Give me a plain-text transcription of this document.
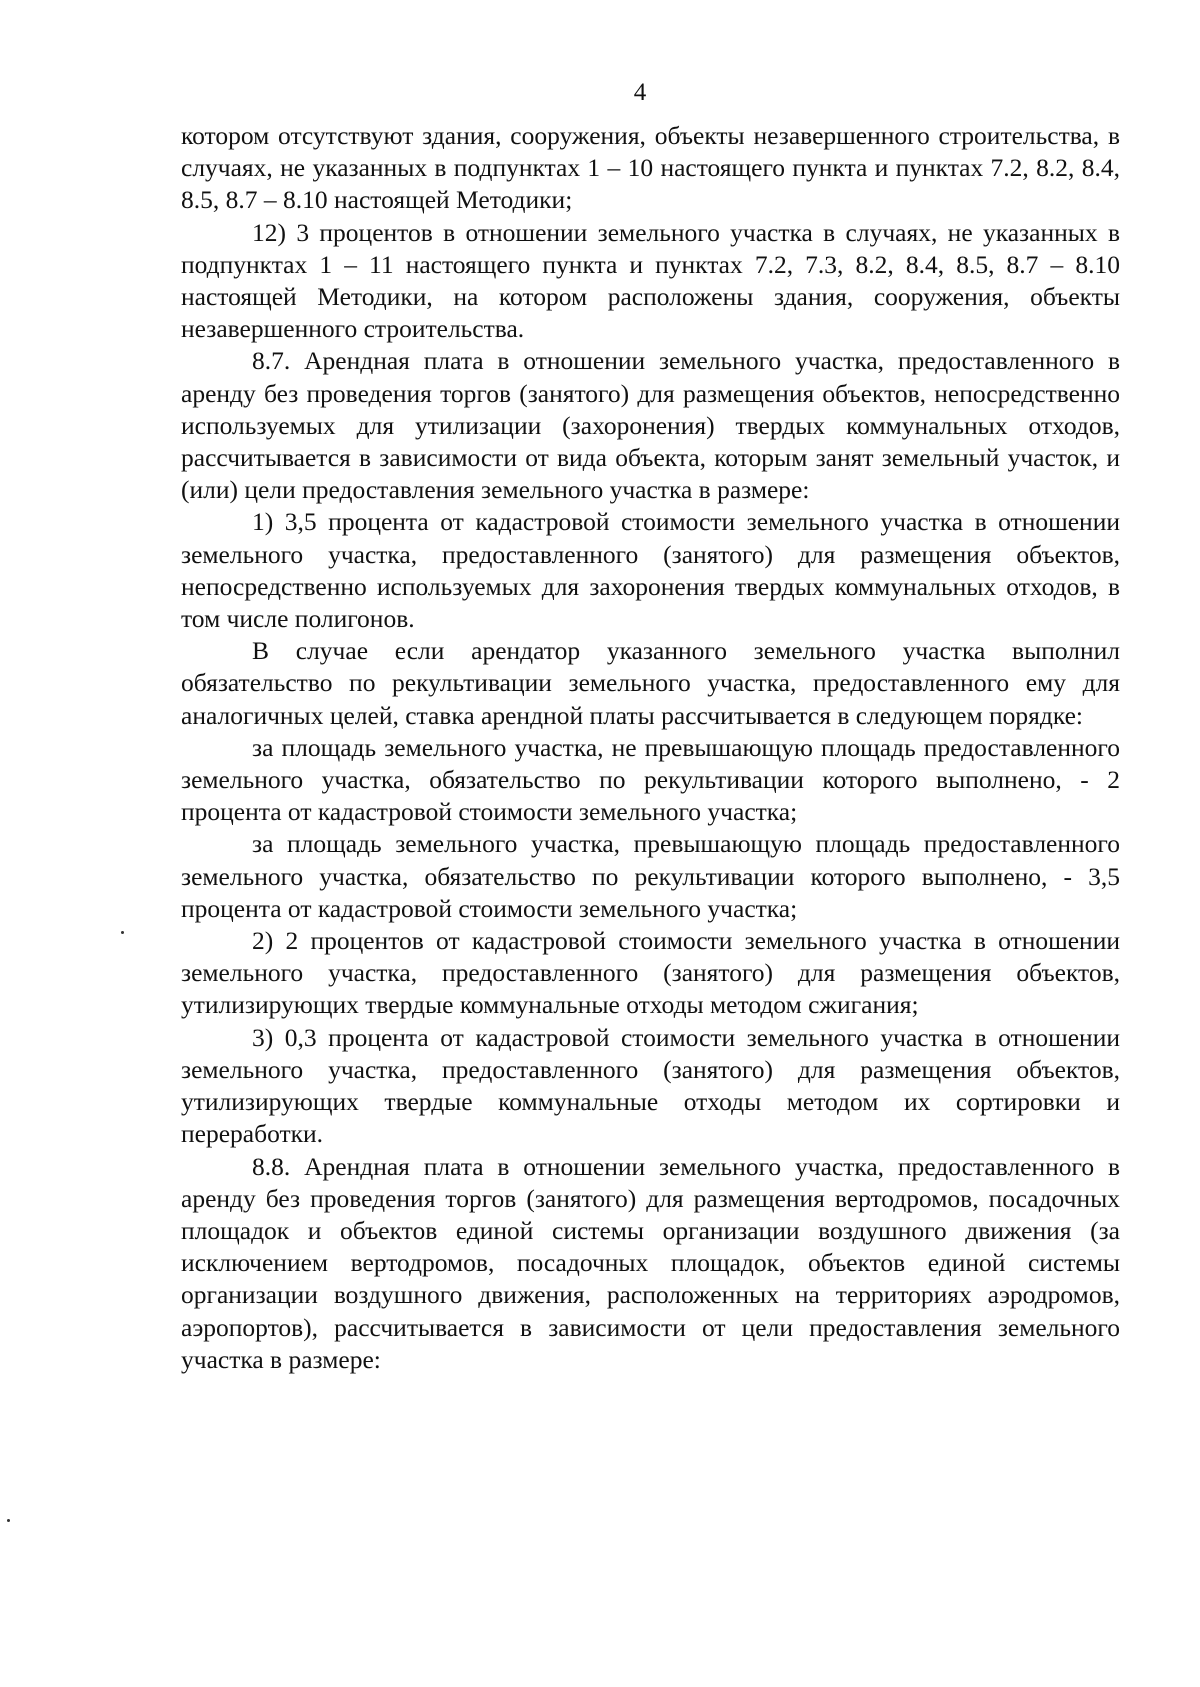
4

котором отсутствуют здания, сооружения, объекты незавершенного строительства, в случаях, не указанных в подпунктах 1 – 10 настоящего пункта и пунктах 7.2, 8.2, 8.4, 8.5, 8.7 – 8.10 настоящей Методики;

12) 3 процентов в отношении земельного участка в случаях, не указанных в подпунктах 1 – 11 настоящего пункта и пунктах 7.2, 7.3, 8.2, 8.4, 8.5, 8.7 – 8.10 настоящей Методики, на котором расположены здания, сооружения, объекты незавершенного строительства.

8.7. Арендная плата в отношении земельного участка, предоставленного в аренду без проведения торгов (занятого) для размещения объектов, непосредственно используемых для утилизации (захоронения) твердых коммунальных отходов, рассчитывается в зависимости от вида объекта, которым занят земельный участок, и (или) цели предоставления земельного участка в размере:

1) 3,5 процента от кадастровой стоимости земельного участка в отношении земельного участка, предоставленного (занятого) для размещения объектов, непосредственно используемых для захоронения твердых коммунальных отходов, в том числе полигонов.

В случае если арендатор указанного земельного участка выполнил обязательство по рекультивации земельного участка, предоставленного ему для аналогичных целей, ставка арендной платы рассчитывается в следующем порядке:

за площадь земельного участка, не превышающую площадь предоставленного земельного участка, обязательство по рекультивации которого выполнено, - 2 процента от кадастровой стоимости земельного участка;

за площадь земельного участка, превышающую площадь предоставленного земельного участка, обязательство по рекультивации которого выполнено, - 3,5 процента от кадастровой стоимости земельного участка;

2) 2 процентов от кадастровой стоимости земельного участка в отношении земельного участка, предоставленного (занятого) для размещения объектов, утилизирующих твердые коммунальные отходы методом сжигания;

3) 0,3 процента от кадастровой стоимости земельного участка в отношении земельного участка, предоставленного (занятого) для размещения объектов, утилизирующих твердые коммунальные отходы методом их сортировки и переработки.

8.8. Арендная плата в отношении земельного участка, предоставленного в аренду без проведения торгов (занятого) для размещения вертодромов, посадочных площадок и объектов единой системы организации воздушного движения (за исключением вертодромов, посадочных площадок, объектов единой системы организации воздушного движения, расположенных на территориях аэродромов, аэропортов), рассчитывается в зависимости от цели предоставления земельного участка в размере:
